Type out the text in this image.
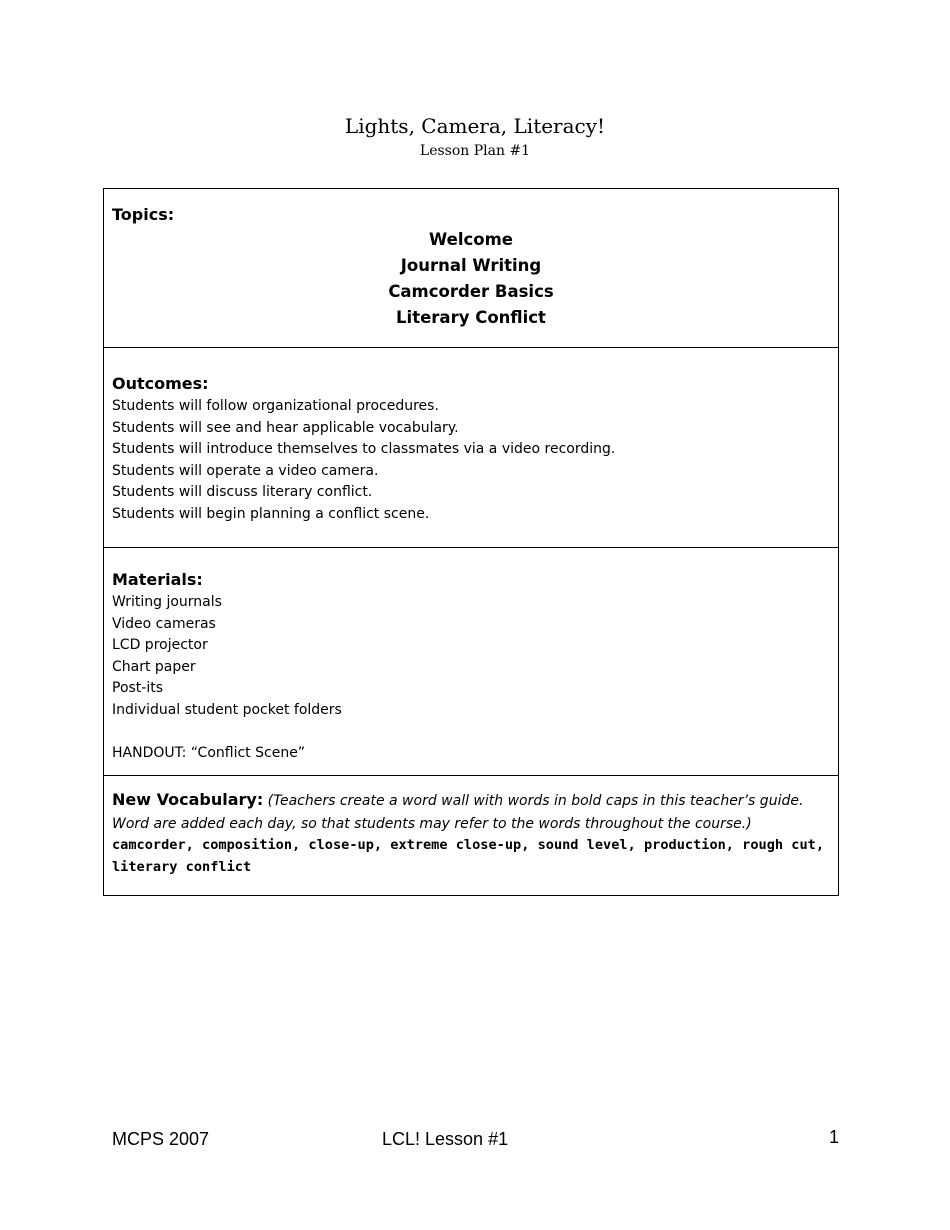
Lights, Camera, Literacy!
Lesson Plan #1
Topics:
Welcome
Journal Writing
Camcorder Basics
Literary Conflict
Outcomes:
Students will follow organizational procedures.
Students will see and hear applicable vocabulary.
Students will introduce themselves to classmates via a video recording.
Students will operate a video camera.
Students will discuss literary conflict.
Students will begin planning a conflict scene.
Materials:
Writing journals
Video cameras
LCD projector
Chart paper
Post-its
Individual student pocket folders
HANDOUT: “Conflict Scene”
New Vocabulary: (Teachers create a word wall with words in bold caps in this teacher’s guide. Word are added each day, so that students may refer to the words throughout the course.)
camcorder, composition, close-up, extreme close-up, sound level, production, rough cut, literary conflict
MCPS 2007	LCL! Lesson #1	1
